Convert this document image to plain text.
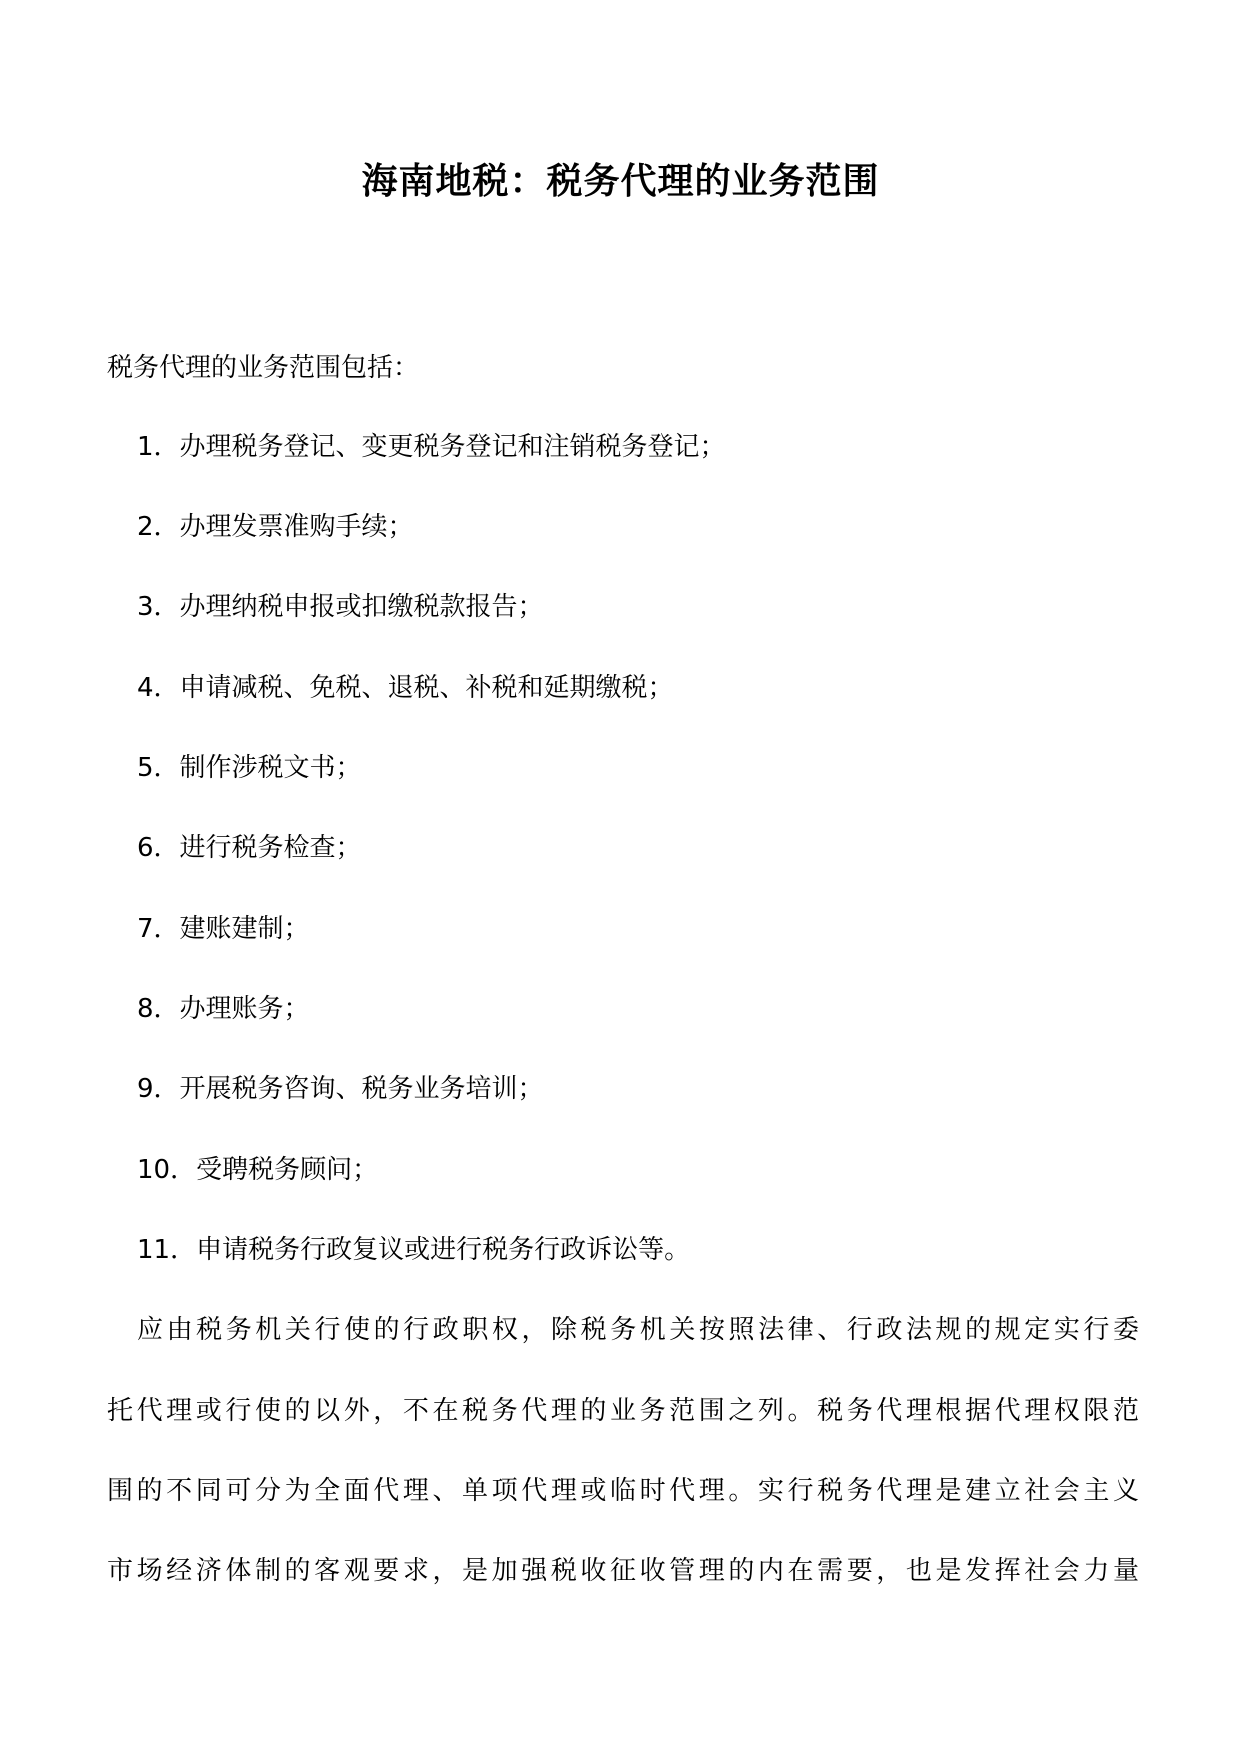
海南地税：税务代理的业务范围
税务代理的业务范围包括：
1．办理税务登记、变更税务登记和注销税务登记；
2．办理发票准购手续；
3．办理纳税申报或扣缴税款报告；
4．申请减税、免税、退税、补税和延期缴税；
5．制作涉税文书；
6．进行税务检查；
7．建账建制；
8．办理账务；
9．开展税务咨询、税务业务培训；
10．受聘税务顾问；
11．申请税务行政复议或进行税务行政诉讼等。
应由税务机关行使的行政职权，除税务机关按照法律、行政法规的规定实行委
托代理或行使的以外，不在税务代理的业务范围之列。税务代理根据代理权限范
围的不同可分为全面代理、单项代理或临时代理。实行税务代理是建立社会主义
市场经济体制的客观要求，是加强税收征收管理的内在需要，也是发挥社会力量
